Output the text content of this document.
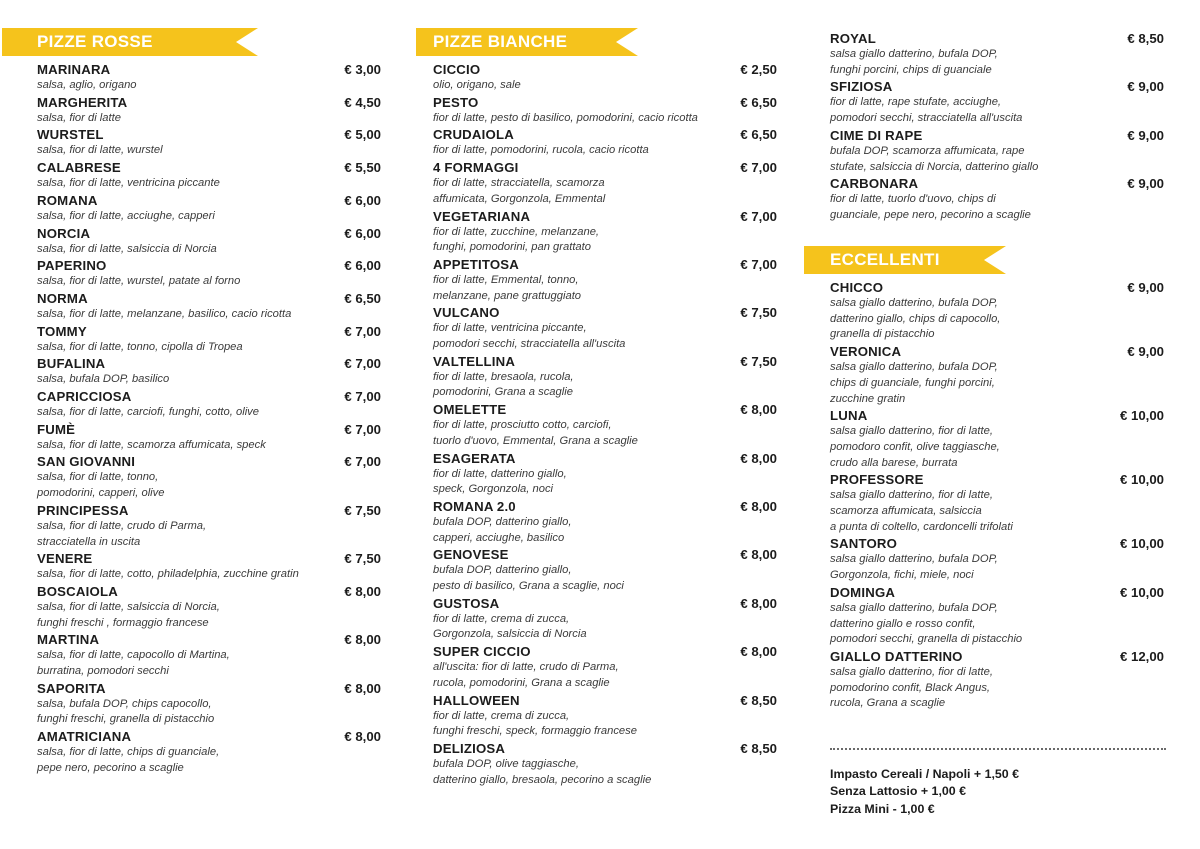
PIZZE ROSSE
MARINARA	€ 3,00
salsa, aglio, origano
MARGHERITA	€ 4,50
salsa, fior di latte
WURSTEL	€ 5,00
salsa, fior di latte, wurstel
CALABRESE	€ 5,50
salsa, fior di latte, ventricina piccante
ROMANA	€ 6,00
salsa, fior di latte, acciughe, capperi
NORCIA	€ 6,00
salsa, fior di latte, salsiccia di Norcia
PAPERINO	€ 6,00
salsa, fior di latte, wurstel, patate al forno
NORMA	€ 6,50
salsa, fior di latte, melanzane, basilico, cacio ricotta
TOMMY	€ 7,00
salsa, fior di latte, tonno, cipolla di Tropea
BUFALINA	€ 7,00
salsa, bufala DOP, basilico
CAPRICCIOSA	€ 7,00
salsa, fior di latte, carciofi, funghi, cotto, olive
FUMÈ	€ 7,00
salsa, fior di latte, scamorza affumicata, speck
SAN GIOVANNI	€ 7,00
salsa, fior di latte, tonno,
pomodorini, capperi, olive
PRINCIPESSA	€ 7,50
salsa, fior di latte, crudo di Parma,
stracciatella in uscita
VENERE	€ 7,50
salsa, fior di latte, cotto, philadelphia, zucchine gratin
BOSCAIOLA	€ 8,00
salsa, fior di latte, salsiccia di Norcia,
funghi freschi , formaggio francese
MARTINA	€ 8,00
salsa, fior di latte, capocollo di Martina,
burratina, pomodori secchi
SAPORITA	€ 8,00
salsa, bufala DOP, chips capocollo,
funghi freschi, granella di pistacchio
AMATRICIANA	€ 8,00
salsa, fior di latte, chips di guanciale,
pepe nero, pecorino a scaglie
PIZZE BIANCHE
CICCIO	€ 2,50
olio, origano, sale
PESTO	€ 6,50
fior di latte, pesto di basilico, pomodorini, cacio ricotta
CRUDAIOLA	€ 6,50
fior di latte, pomodorini, rucola, cacio ricotta
4 FORMAGGI	€ 7,00
fior di latte, stracciatella, scamorza
affumicata, Gorgonzola, Emmental
VEGETARIANA	€ 7,00
fior di latte, zucchine, melanzane,
funghi, pomodorini, pan grattato
APPETITOSA	€ 7,00
fior di latte, Emmental, tonno,
melanzane, pane grattuggiato
VULCANO	€ 7,50
fior di latte, ventricina piccante,
pomodori secchi, stracciatella all'uscita
VALTELLINA	€ 7,50
fior di latte, bresaola, rucola,
pomodorini, Grana a scaglie
OMELETTE	€ 8,00
fior di latte, prosciutto cotto, carciofi,
tuorlo d'uovo, Emmental, Grana a scaglie
ESAGERATA	€ 8,00
fior di latte, datterino giallo,
speck, Gorgonzola, noci
ROMANA 2.0	€ 8,00
bufala DOP, datterino giallo,
capperi, acciughe, basilico
GENOVESE	€ 8,00
bufala DOP, datterino giallo,
pesto di basilico, Grana a scaglie, noci
GUSTOSA	€ 8,00
fior di latte, crema di zucca,
Gorgonzola, salsiccia di Norcia
SUPER CICCIO	€ 8,00
all'uscita: fior di latte, crudo di Parma,
rucola, pomodorini, Grana a scaglie
HALLOWEEN	€ 8,50
fior di latte, crema di zucca,
funghi freschi, speck, formaggio francese
DELIZIOSA	€ 8,50
bufala DOP, olive taggiasche,
datterino giallo, bresaola, pecorino a scaglie
ROYAL	€ 8,50
salsa giallo datterino, bufala DOP,
funghi porcini, chips di guanciale
SFIZIOSA	€ 9,00
fior di latte, rape stufate, acciughe,
pomodori secchi, stracciatella all'uscita
CIME DI RAPE	€ 9,00
bufala DOP, scamorza affumicata, rape
stufate, salsiccia di Norcia, datterino giallo
CARBONARA	€ 9,00
fior di latte, tuorlo d'uovo, chips di
guanciale, pepe nero, pecorino a scaglie
ECCELLENTI
CHICCO	€ 9,00
salsa giallo datterino, bufala DOP,
datterino giallo, chips di capocollo,
granella di pistacchio
VERONICA	€ 9,00
salsa giallo datterino, bufala DOP,
chips di guanciale, funghi porcini,
zucchine gratin
LUNA	€ 10,00
salsa giallo datterino, fior di latte,
pomodoro confit, olive taggiasche,
crudo alla barese, burrata
PROFESSORE	€ 10,00
salsa giallo datterino, fior di latte,
scamorza affumicata, salsiccia
a punta di coltello, cardoncelli trifolati
SANTORO	€ 10,00
salsa giallo datterino, bufala DOP,
Gorgonzola, fichi, miele, noci
DOMINGA	€ 10,00
salsa giallo datterino, bufala DOP,
datterino giallo e rosso confit,
pomodori secchi, granella di pistacchio
GIALLO DATTERINO	€ 12,00
salsa giallo datterino, fior di latte,
pomodorino confit, Black Angus,
rucola, Grana a scaglie
Impasto Cereali / Napoli + 1,50 €
Senza Lattosio + 1,00 €
Pizza Mini - 1,00 €
